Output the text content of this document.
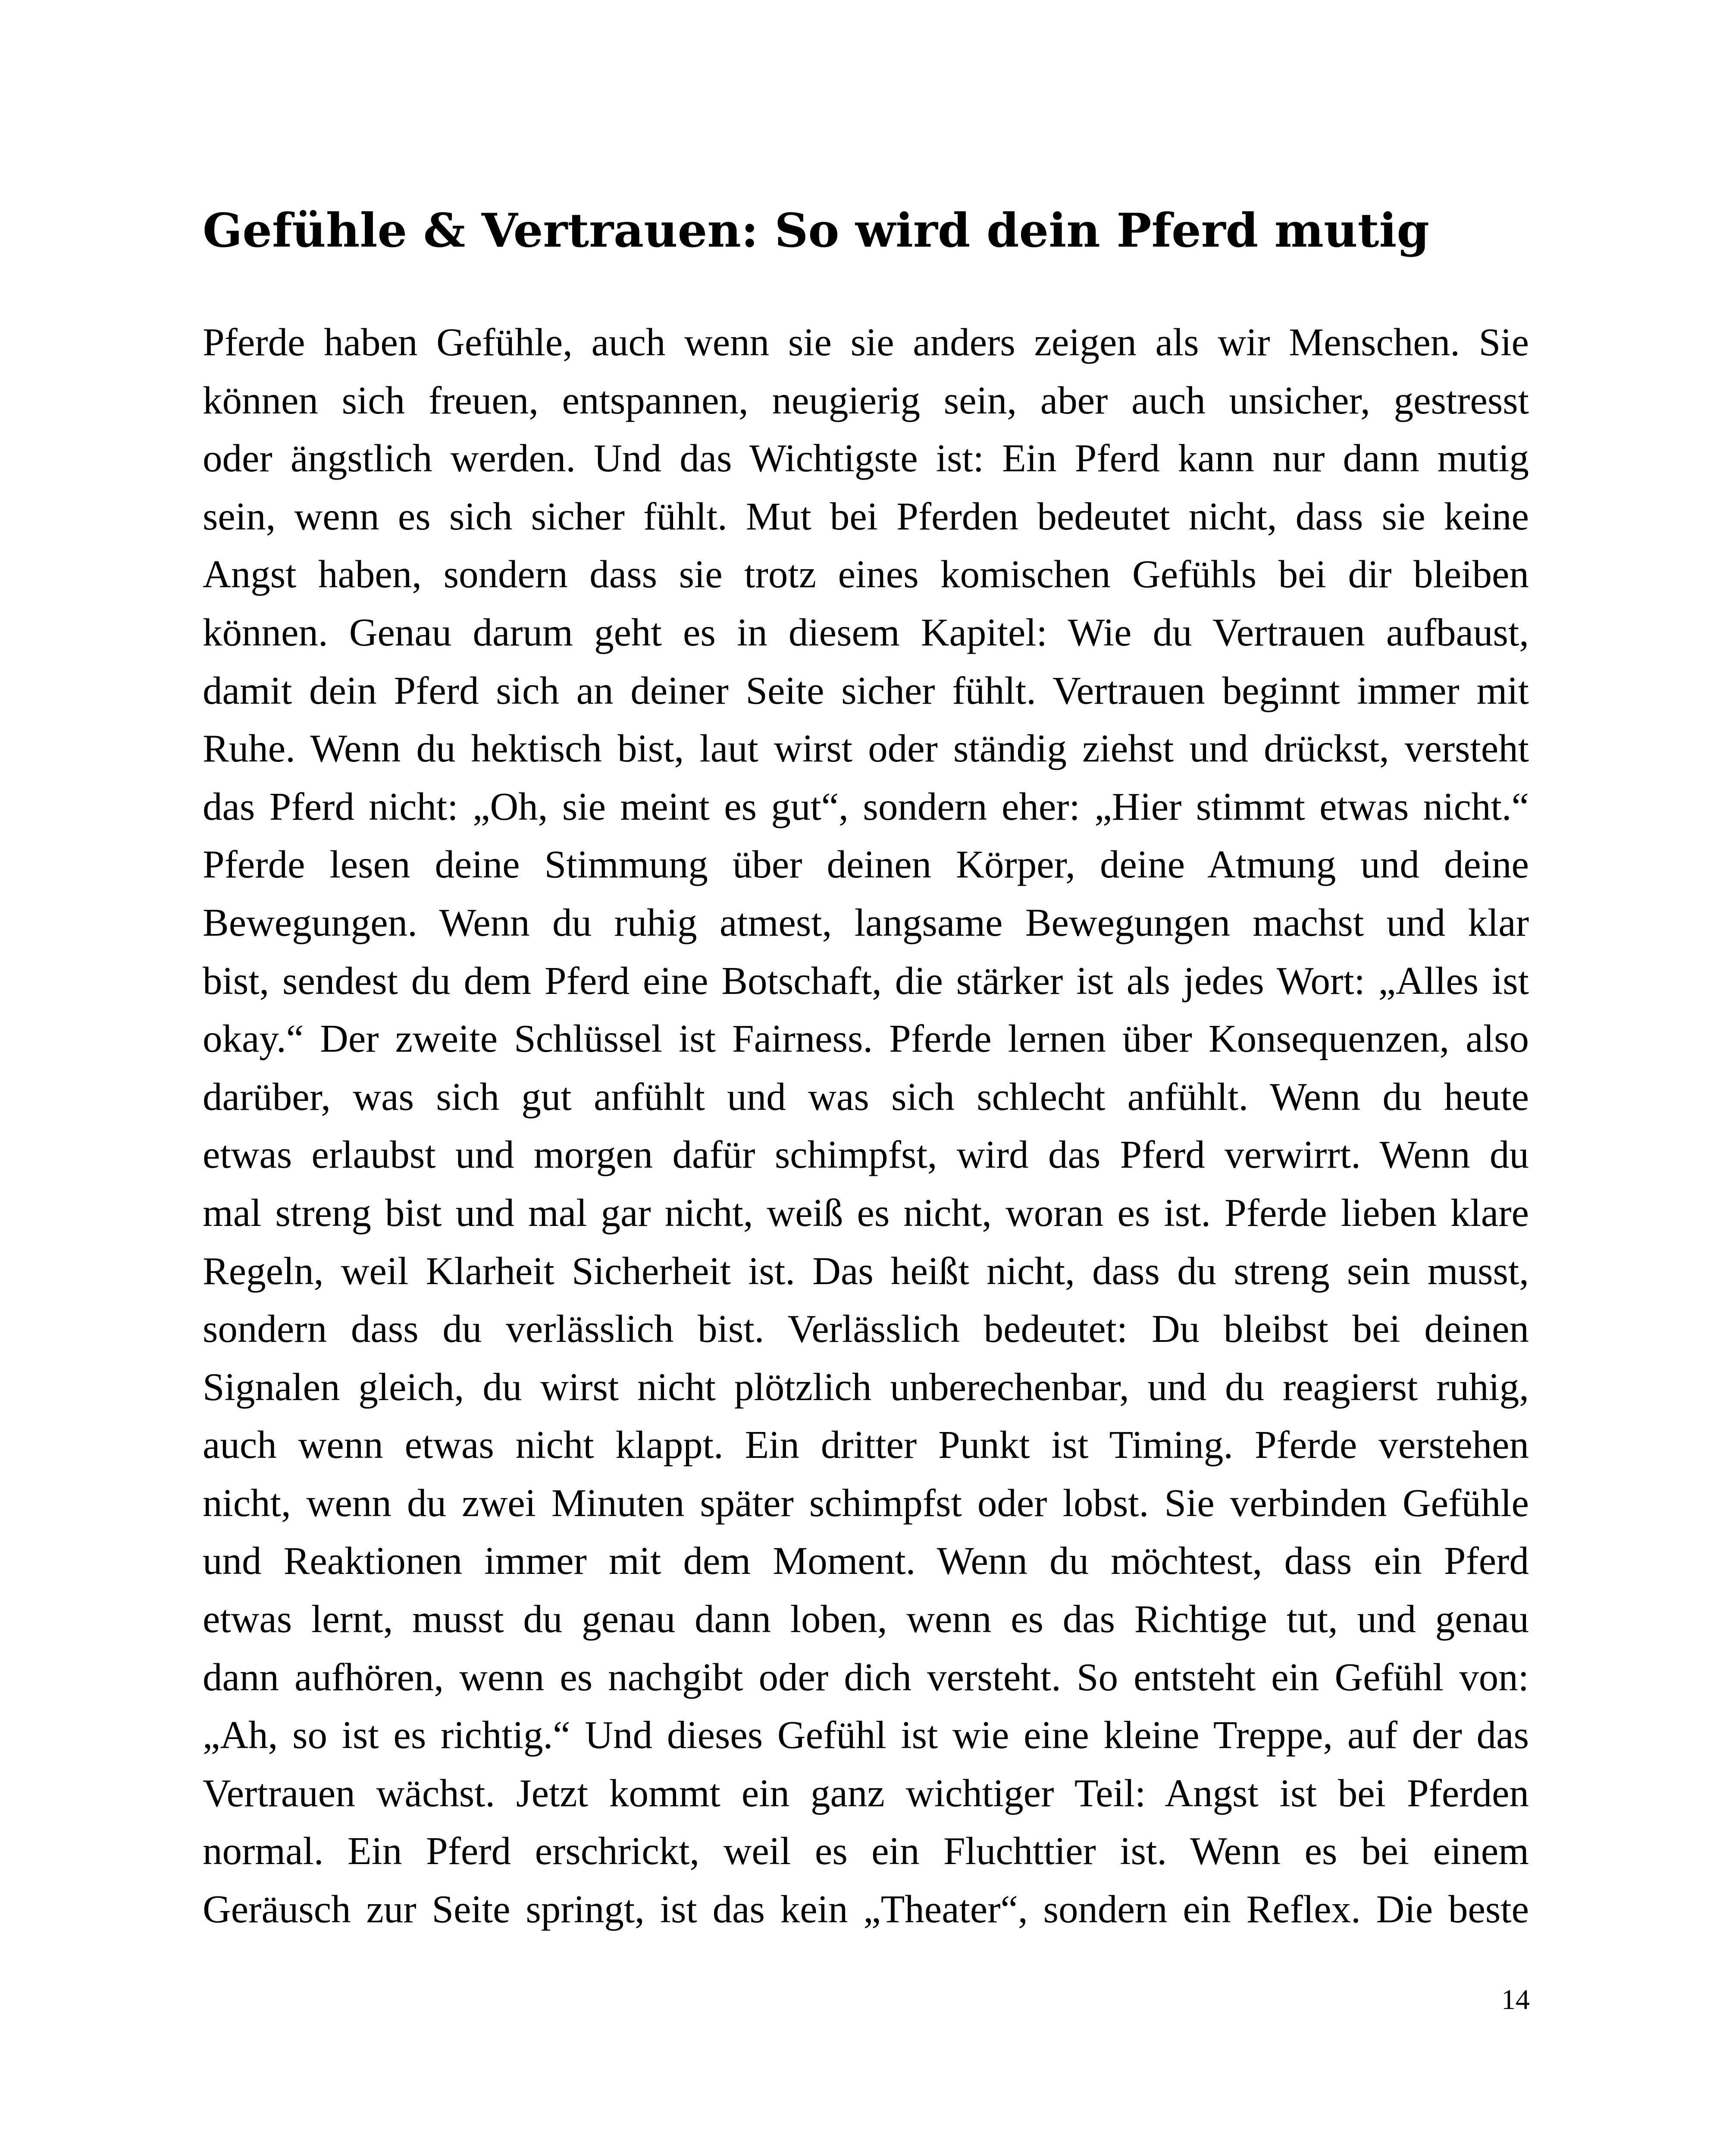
Gefühle & Vertrauen: So wird dein Pferd mutig
Pferde haben Gefühle, auch wenn sie sie anders zeigen als wir Menschen. Sie
können sich freuen, entspannen, neugierig sein, aber auch unsicher, gestresst
oder ängstlich werden. Und das Wichtigste ist: Ein Pferd kann nur dann mutig
sein, wenn es sich sicher fühlt. Mut bei Pferden bedeutet nicht, dass sie keine
Angst haben, sondern dass sie trotz eines komischen Gefühls bei dir bleiben
können. Genau darum geht es in diesem Kapitel: Wie du Vertrauen aufbaust,
damit dein Pferd sich an deiner Seite sicher fühlt. Vertrauen beginnt immer mit
Ruhe. Wenn du hektisch bist, laut wirst oder ständig ziehst und drückst, versteht
das Pferd nicht: „Oh, sie meint es gut“, sondern eher: „Hier stimmt etwas nicht.“
Pferde lesen deine Stimmung über deinen Körper, deine Atmung und deine
Bewegungen. Wenn du ruhig atmest, langsame Bewegungen machst und klar
bist, sendest du dem Pferd eine Botschaft, die stärker ist als jedes Wort: „Alles ist
okay.“ Der zweite Schlüssel ist Fairness. Pferde lernen über Konsequenzen, also
darüber, was sich gut anfühlt und was sich schlecht anfühlt. Wenn du heute
etwas erlaubst und morgen dafür schimpfst, wird das Pferd verwirrt. Wenn du
mal streng bist und mal gar nicht, weiß es nicht, woran es ist. Pferde lieben klare
Regeln, weil Klarheit Sicherheit ist. Das heißt nicht, dass du streng sein musst,
sondern dass du verlässlich bist. Verlässlich bedeutet: Du bleibst bei deinen
Signalen gleich, du wirst nicht plötzlich unberechenbar, und du reagierst ruhig,
auch wenn etwas nicht klappt. Ein dritter Punkt ist Timing. Pferde verstehen
nicht, wenn du zwei Minuten später schimpfst oder lobst. Sie verbinden Gefühle
und Reaktionen immer mit dem Moment. Wenn du möchtest, dass ein Pferd
etwas lernt, musst du genau dann loben, wenn es das Richtige tut, und genau
dann aufhören, wenn es nachgibt oder dich versteht. So entsteht ein Gefühl von:
„Ah, so ist es richtig.“ Und dieses Gefühl ist wie eine kleine Treppe, auf der das
Vertrauen wächst. Jetzt kommt ein ganz wichtiger Teil: Angst ist bei Pferden
normal. Ein Pferd erschrickt, weil es ein Fluchttier ist. Wenn es bei einem
Geräusch zur Seite springt, ist das kein „Theater“, sondern ein Reflex. Die beste
14
